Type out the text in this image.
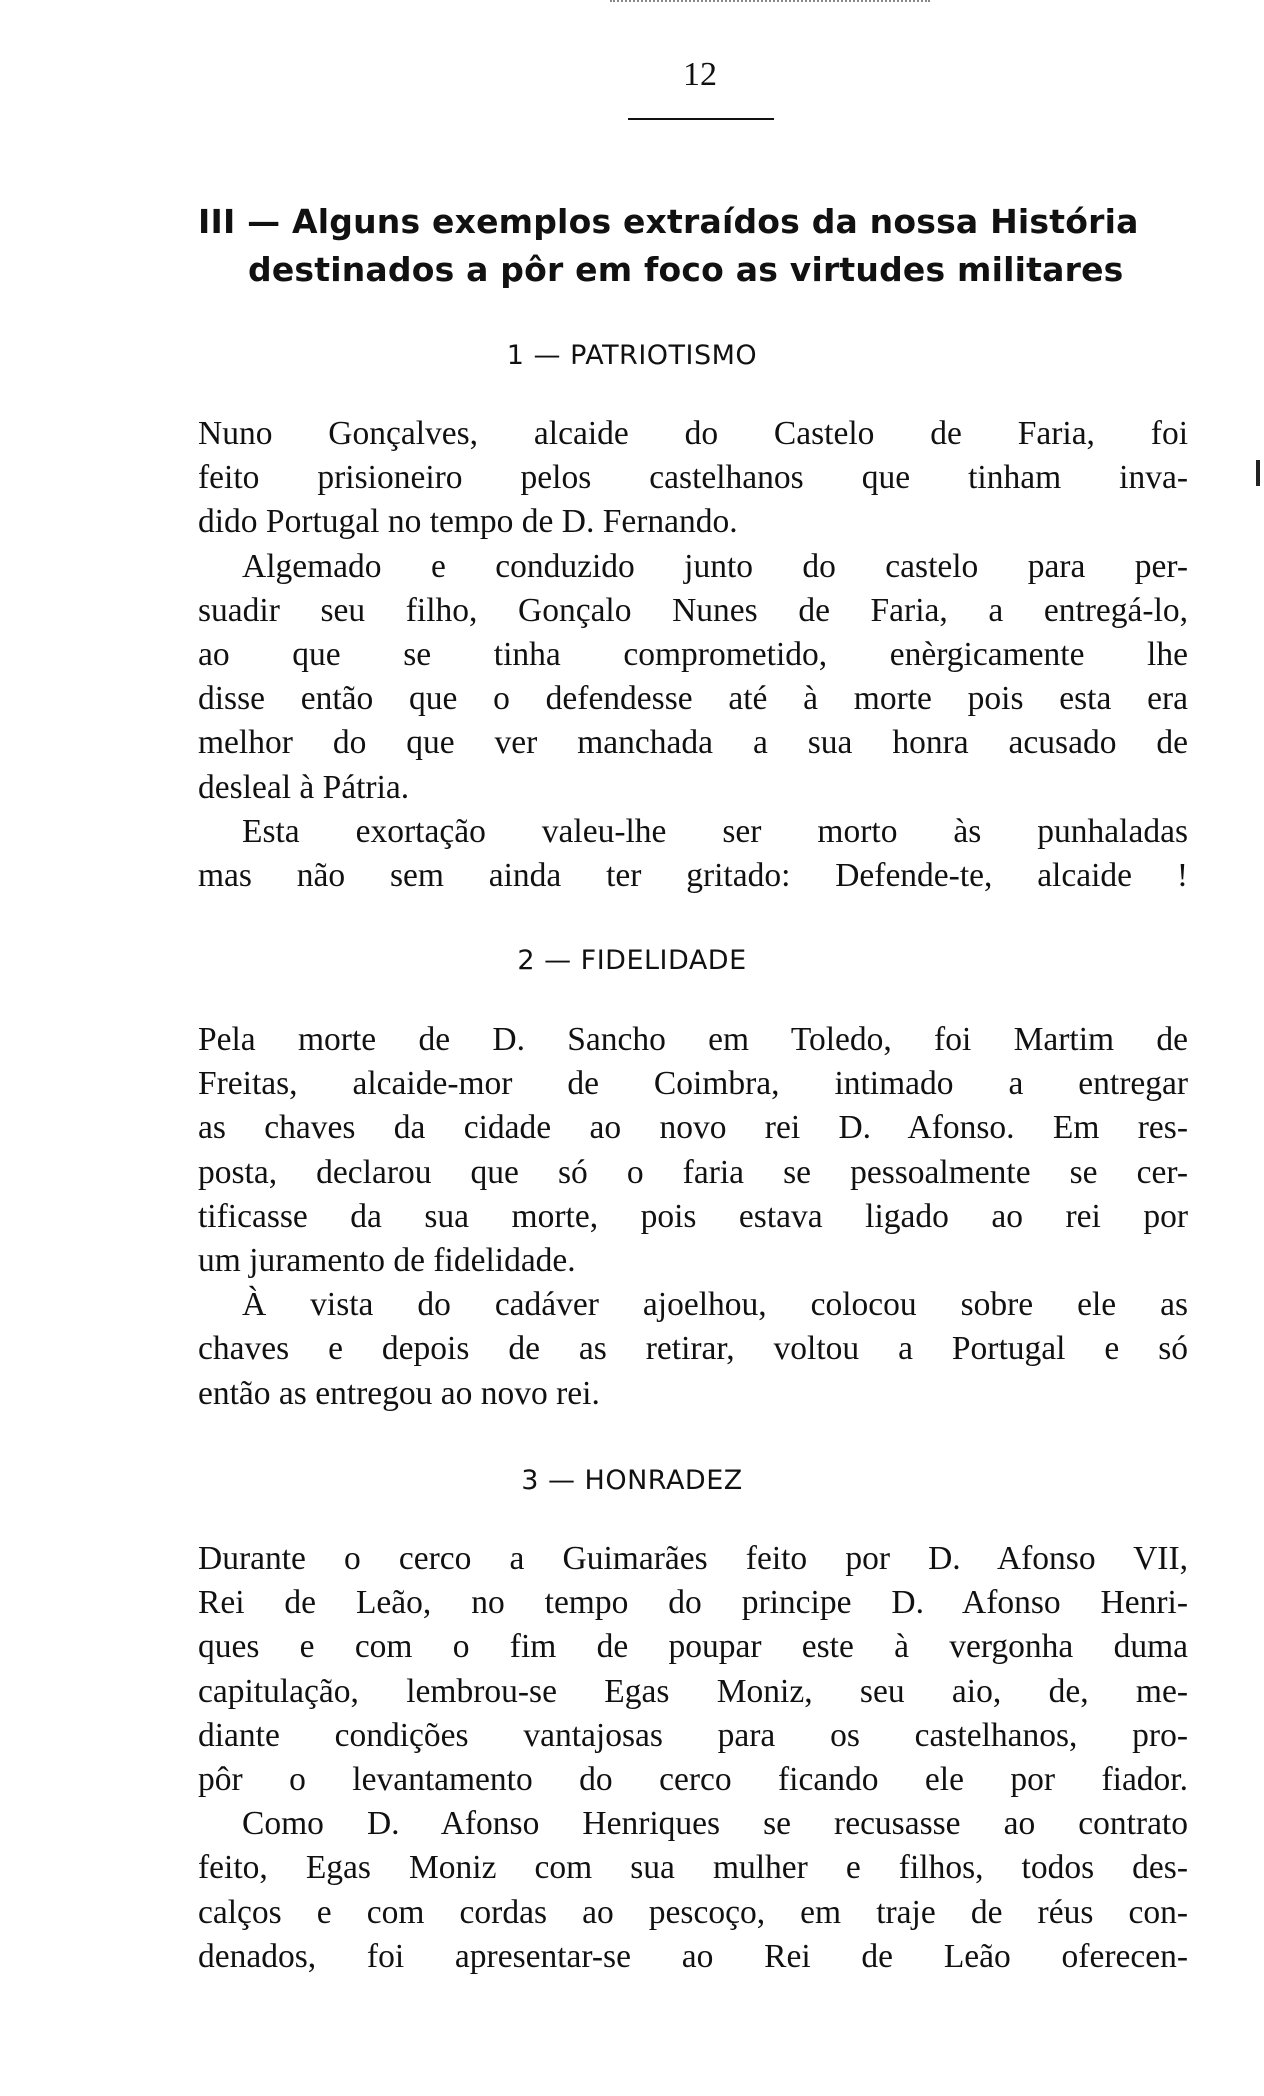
12
III — Alguns exemplos extraídos da nossa História
destinados a pôr em foco as virtudes militares
1 — PATRIOTISMO
Nuno Gonçalves, alcaide do Castelo de Faria, foi
feito prisioneiro pelos castelhanos que tinham inva-
dido Portugal no tempo de D. Fernando.
Algemado e conduzido junto do castelo para per-
suadir seu filho, Gonçalo Nunes de Faria, a entregá-lo,
ao que se tinha comprometido, enèrgicamente lhe
disse então que o defendesse até à morte pois esta era
melhor do que ver manchada a sua honra acusado de
desleal à Pátria.
Esta exortação valeu-lhe ser morto às punhaladas
mas não sem ainda ter gritado: Defende-te, alcaide !
2 — FIDELIDADE
Pela morte de D. Sancho em Toledo, foi Martim de
Freitas, alcaide-mor de Coimbra, intimado a entregar
as chaves da cidade ao novo rei D. Afonso. Em res-
posta, declarou que só o faria se pessoalmente se cer-
tificasse da sua morte, pois estava ligado ao rei por
um juramento de fidelidade.
À vista do cadáver ajoelhou, colocou sobre ele as
chaves e depois de as retirar, voltou a Portugal e só
então as entregou ao novo rei.
3 — HONRADEZ
Durante o cerco a Guimarães feito por D. Afonso VII,
Rei de Leão, no tempo do principe D. Afonso Henri-
ques e com o fim de poupar este à vergonha duma
capitulação, lembrou-se Egas Moniz, seu aio, de, me-
diante condições vantajosas para os castelhanos, pro-
pôr o levantamento do cerco ficando ele por fiador.
Como D. Afonso Henriques se recusasse ao contrato
feito, Egas Moniz com sua mulher e filhos, todos des-
calços e com cordas ao pescoço, em traje de réus con-
denados, foi apresentar-se ao Rei de Leão oferecen-
